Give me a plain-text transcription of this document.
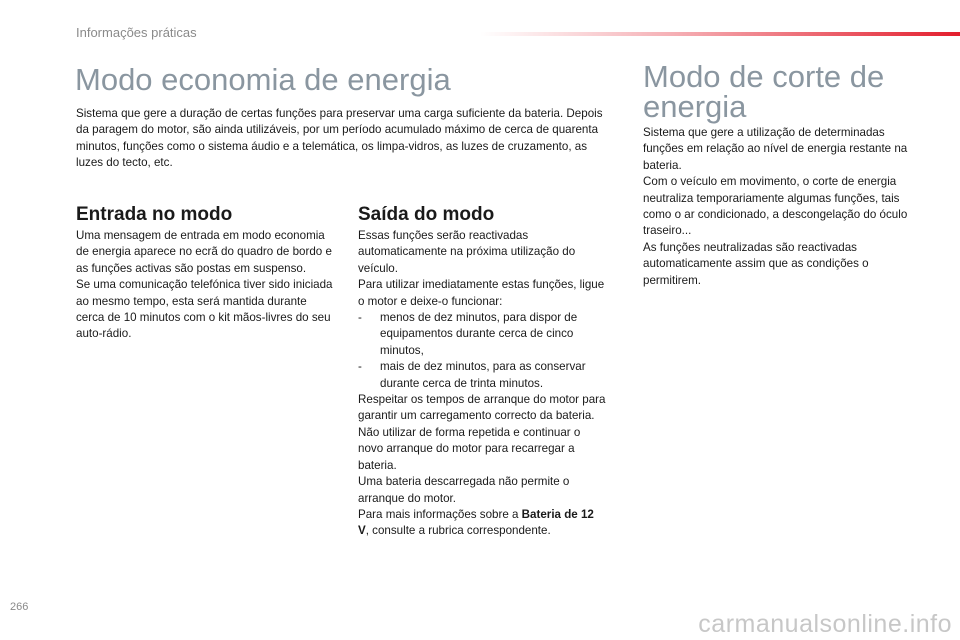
Informações práticas
Modo economia de energia
Sistema que gere a duração de certas funções para preservar uma carga suficiente da bateria. Depois da paragem do motor, são ainda utilizáveis, por um período acumulado máximo de cerca de quarenta minutos, funções como o sistema áudio e a telemática, os limpa-vidros, as luzes de cruzamento, as luzes do tecto, etc.
Entrada no modo

Uma mensagem de entrada em modo economia de energia aparece no ecrã do quadro de bordo e as funções activas são postas em suspenso.

Se uma comunicação telefónica tiver sido iniciada ao mesmo tempo, esta será mantida durante cerca de 10 minutos com o kit mãos-livres do seu auto-rádio.

Saída do modo

Essas funções serão reactivadas automaticamente na próxima utilização do veículo.

Para utilizar imediatamente estas funções, ligue o motor e deixe-o funcionar:

-	menos de dez minutos, para dispor de equipamentos durante cerca de cinco minutos,
-	mais de dez minutos, para as conservar durante cerca de trinta minutos.

Respeitar os tempos de arranque do motor para garantir um carregamento correcto da bateria.

Não utilizar de forma repetida e continuar o novo arranque do motor para recarregar a bateria.

Uma bateria descarregada não permite o arranque do motor.

Para mais informações sobre a Bateria de 12 V, consulte a rubrica correspondente.

Modo de corte de energia

Sistema que gere a utilização de determinadas funções em relação ao nível de energia restante na bateria.

Com o veículo em movimento, o corte de energia neutraliza temporariamente algumas funções, tais como o ar condicionado, a descongelação do óculo traseiro...

As funções neutralizadas são reactivadas automaticamente assim que as condições o permitirem.

266
carmanualsonline.info
